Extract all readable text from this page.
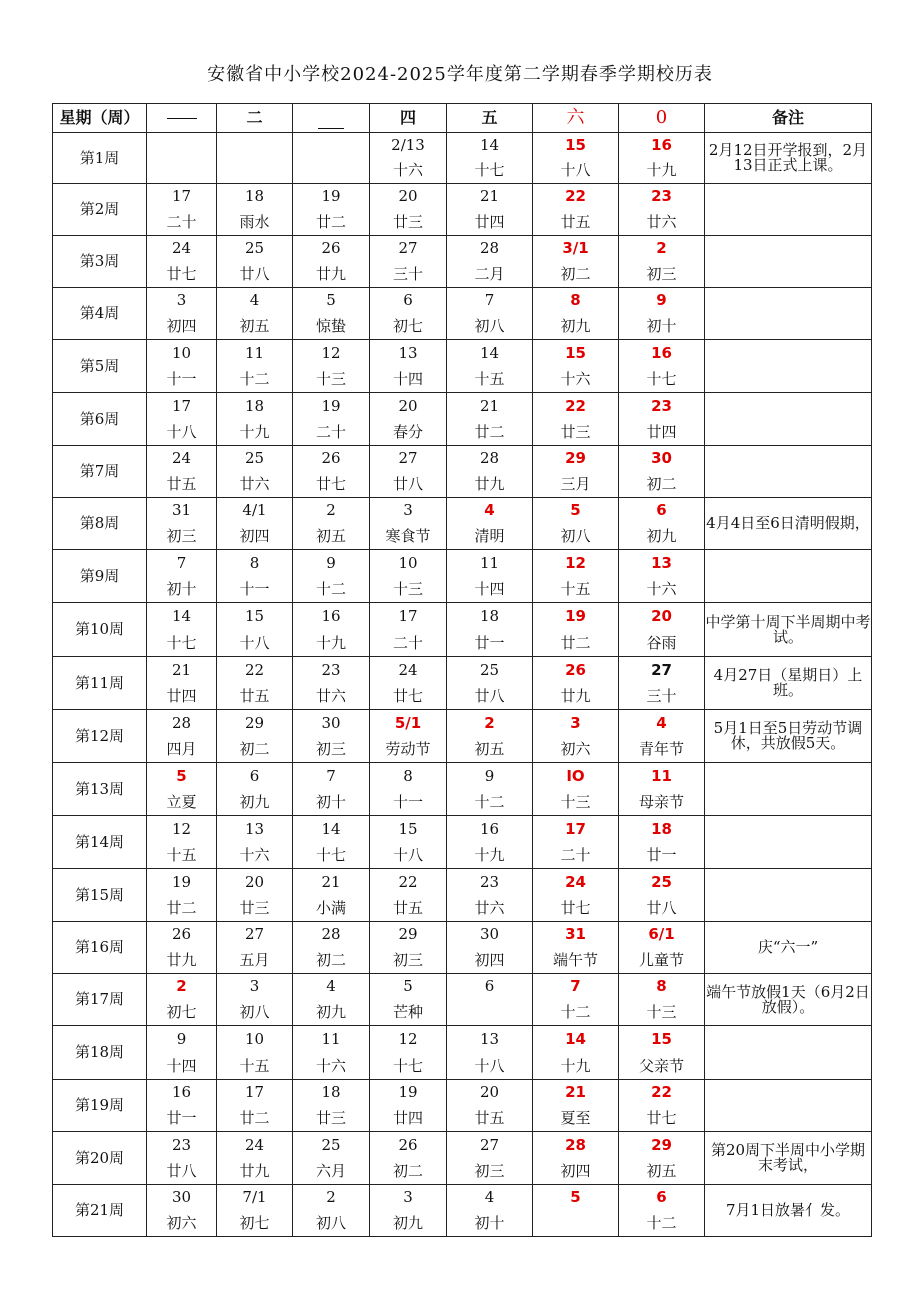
安徽省中小学校2024-2025学年度第二学期春季学期校历表
星期（周）		二		四	五	六	0	备注
第1周				2/13	14	15	16	2月12日开学报到，2月13日正式上课。
				十六	十七	十八	十九	
第2周	17	18	19	20	21	22	23	
	二十	雨水	廿二	廿三	廿四	廿五	廿六	
第3周	24	25	26	27	28	3/1	2	
	廿七	廿八	廿九	三十	二月	初二	初三	
第4周	3	4	5	6	7	8	9	
	初四	初五	惊蛰	初七	初八	初九	初十	
第5周	10	11	12	13	14	15	16	
	十一	十二	十三	十四	十五	十六	十七	
第6周	17	18	19	20	21	22	23	
	十八	十九	二十	春分	廿二	廿三	廿四	
第7周	24	25	26	27	28	29	30	
	廿五	廿六	廿七	廿八	廿九	三月	初二	
第8周	31	4/1	2	3	4	5	6	4月4日至6日清明假期，
	初三	初四	初五	寒食节	清明	初八	初九	
第9周	7	8	9	10	11	12	13	
	初十	十一	十二	十三	十四	十五	十六	
第10周	14	15	16	17	18	19	20	中学第十周下半周期中考试。
	十七	十八	十九	二十	廿一	廿二	谷雨	
第11周	21	22	23	24	25	26	27	4月27日（星期日）上班。
	廿四	廿五	廿六	廿七	廿八	廿九	三十	
第12周	28	29	30	5/1	2	3	4	5月1日至5日劳动节调休，共放假5天。
	四月	初二	初三	劳动节	初五	初六	青年节	
第13周	5	6	7	8	9	IO	11	
	立夏	初九	初十	十一	十二	十三	母亲节	
第14周	12	13	14	15	16	17	18	
	十五	十六	十七	十八	十九	二十	廿一	
第15周	19	20	21	22	23	24	25	
	廿二	廿三	小满	廿五	廿六	廿七	廿八	
第16周	26	27	28	29	30	31	6/1	庆“六一”
	廿九	五月	初二	初三	初四	端午节	儿童节	
第17周	2	3	4	5	6	7	8	端午节放假1天（6月2日放假）。
	初七	初八	初九	芒种		十二	十三	
第18周	9	10	11	12	13	14	15	
	十四	十五	十六	十七	十八	十九	父亲节	
第19周	16	17	18	19	20	21	22	
	廿一	廿二	廿三	廿四	廿五	夏至	廿七	
第20周	23	24	25	26	27	28	29	第20周下半周中小学期末考试，
	廿八	廿九	六月	初二	初三	初四	初五	
第21周	30	7/1	2	3	4	5	6	7月1日放暑亻发。
	初六	初七	初八	初九	初十		十二	
